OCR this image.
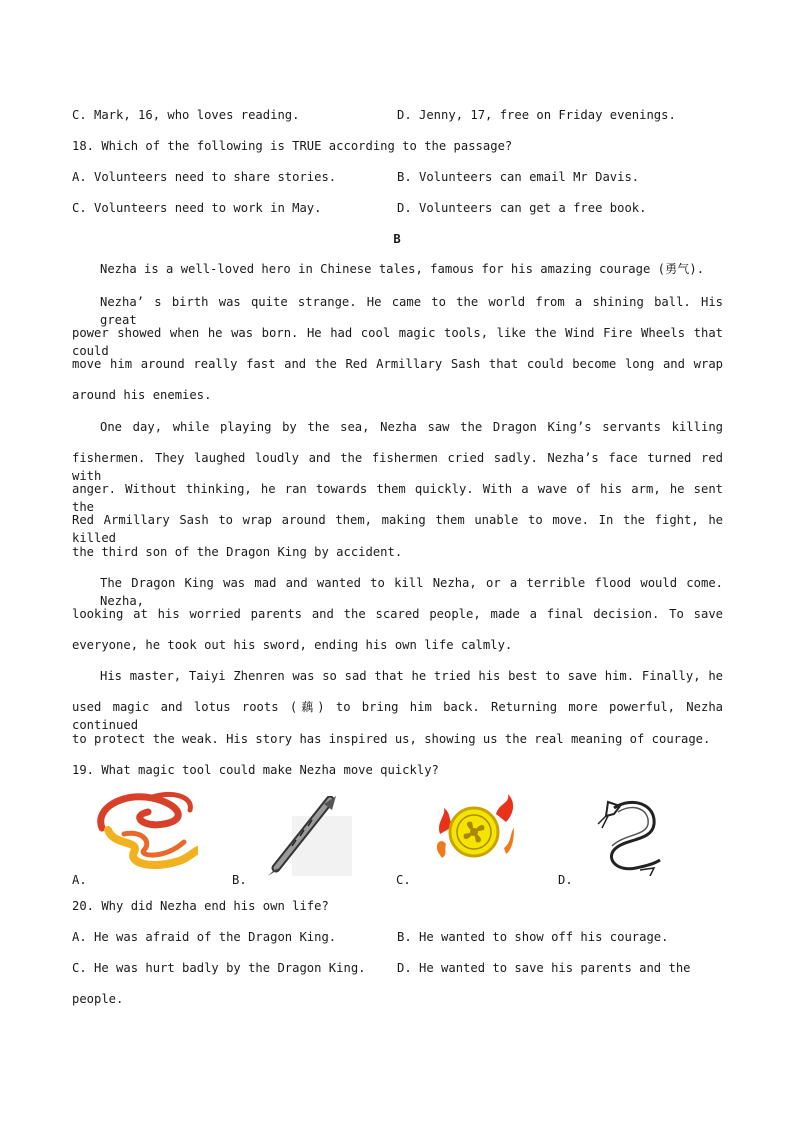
C. Mark, 16, who loves reading.	D. Jenny, 17, free on Friday evenings.
18. Which of the following is TRUE according to the passage?
A. Volunteers need to share stories.	B. Volunteers can email Mr Davis.
C. Volunteers need to work in May.	D. Volunteers can get a free book.
B
Nezha is a well-loved hero in Chinese tales, famous for his amazing courage (勇气).
Nezha’ s birth was quite strange. He came to the world from a shining ball. His great
power showed when he was born. He had cool magic tools, like the Wind Fire Wheels that could
move him around really fast and the Red Armillary Sash that could become long and wrap
around his enemies.
One day, while playing by the sea, Nezha saw the Dragon King’s servants killing
fishermen. They laughed loudly and the fishermen cried sadly. Nezha’s face turned red with
anger. Without thinking, he ran towards them quickly. With a wave of his arm, he sent the
Red Armillary Sash to wrap around them, making them unable to move. In the fight, he killed
the third son of the Dragon King by accident.
The Dragon King was mad and wanted to kill Nezha, or a terrible flood would come. Nezha,
looking at his worried parents and the scared people, made a final decision. To save
everyone, he took out his sword, ending his own life calmly.
His master, Taiyi Zhenren was so sad that he tried his best to save him. Finally, he
used magic and lotus roots (藕) to bring him back. Returning more powerful, Nezha continued
to protect the weak. His story has inspired us, showing us the real meaning of courage.
19. What magic tool could make Nezha move quickly?
A.	B.	C.	D.
20. Why did Nezha end his own life?
A. He was afraid of the Dragon King.	B. He wanted to show off his courage.
C. He was hurt badly by the Dragon King.	D. He wanted to save his parents and the
people.
